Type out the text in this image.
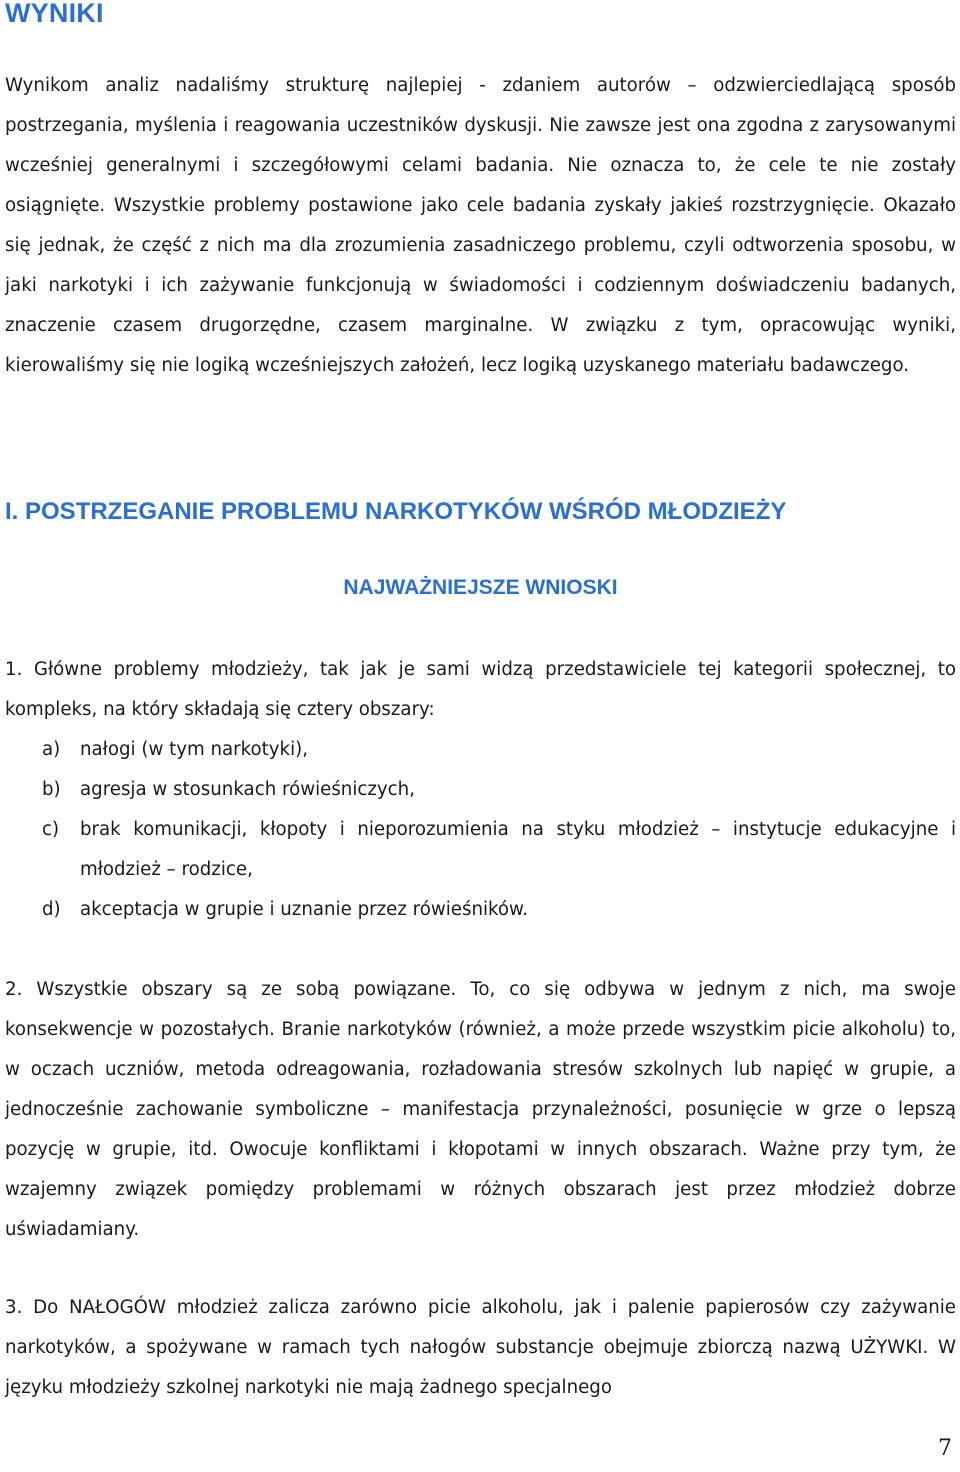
WYNIKI

Wynikom analiz nadaliśmy strukturę najlepiej - zdaniem autorów – odzwierciedlającą sposób postrzegania, myślenia i reagowania uczestników dyskusji. Nie zawsze jest ona zgodna z zarysowanymi wcześniej generalnymi i szczegółowymi celami badania. Nie oznacza to, że cele te nie zostały osiągnięte. Wszystkie problemy postawione jako cele badania zyskały jakieś rozstrzygnięcie. Okazało się jednak, że część z nich ma dla zrozumienia zasadniczego problemu, czyli odtworzenia sposobu, w jaki narkotyki i ich zażywanie funkcjonują w świadomości i codziennym doświadczeniu badanych, znaczenie czasem drugorzędne, czasem marginalne. W związku z tym, opracowując wyniki, kierowaliśmy się nie logiką wcześniejszych założeń, lecz logiką uzyskanego materiału badawczego.

I. POSTRZEGANIE PROBLEMU NARKOTYKÓW WŚRÓD MŁODZIEŻY
NAJWAŻNIEJSZE WNIOSKI

1. Główne problemy młodzieży, tak jak je sami widzą przedstawiciele tej kategorii społecznej, to kompleks, na który składają się cztery obszary:

a) nałogi (w tym narkotyki),
b) agresja w stosunkach rówieśniczych,
c) brak komunikacji, kłopoty i nieporozumienia na styku młodzież – instytucje edukacyjne i młodzież – rodzice,
d) akceptacja w grupie i uznanie przez rówieśników.

2. Wszystkie obszary są ze sobą powiązane. To, co się odbywa w jednym z nich, ma swoje konsekwencje w pozostałych. Branie narkotyków (również, a może przede wszystkim picie alkoholu) to, w oczach uczniów, metoda odreagowania, rozładowania stresów szkolnych lub napięć w grupie, a jednocześnie zachowanie symboliczne – manifestacja przynależności, posunięcie w grze o lepszą pozycję w grupie, itd. Owocuje konfliktami i kłopotami w innych obszarach. Ważne przy tym, że wzajemny związek pomiędzy problemami w różnych obszarach jest przez młodzież dobrze uświadamiany.

3. Do NAŁOGÓW młodzież zalicza zarówno picie alkoholu, jak i palenie papierosów czy zażywanie narkotyków, a spożywane w ramach tych nałogów substancje obejmuje zbiorczą nazwą UŻYWKI. W języku młodzieży szkolnej narkotyki nie mają żadnego specjalnego

7
